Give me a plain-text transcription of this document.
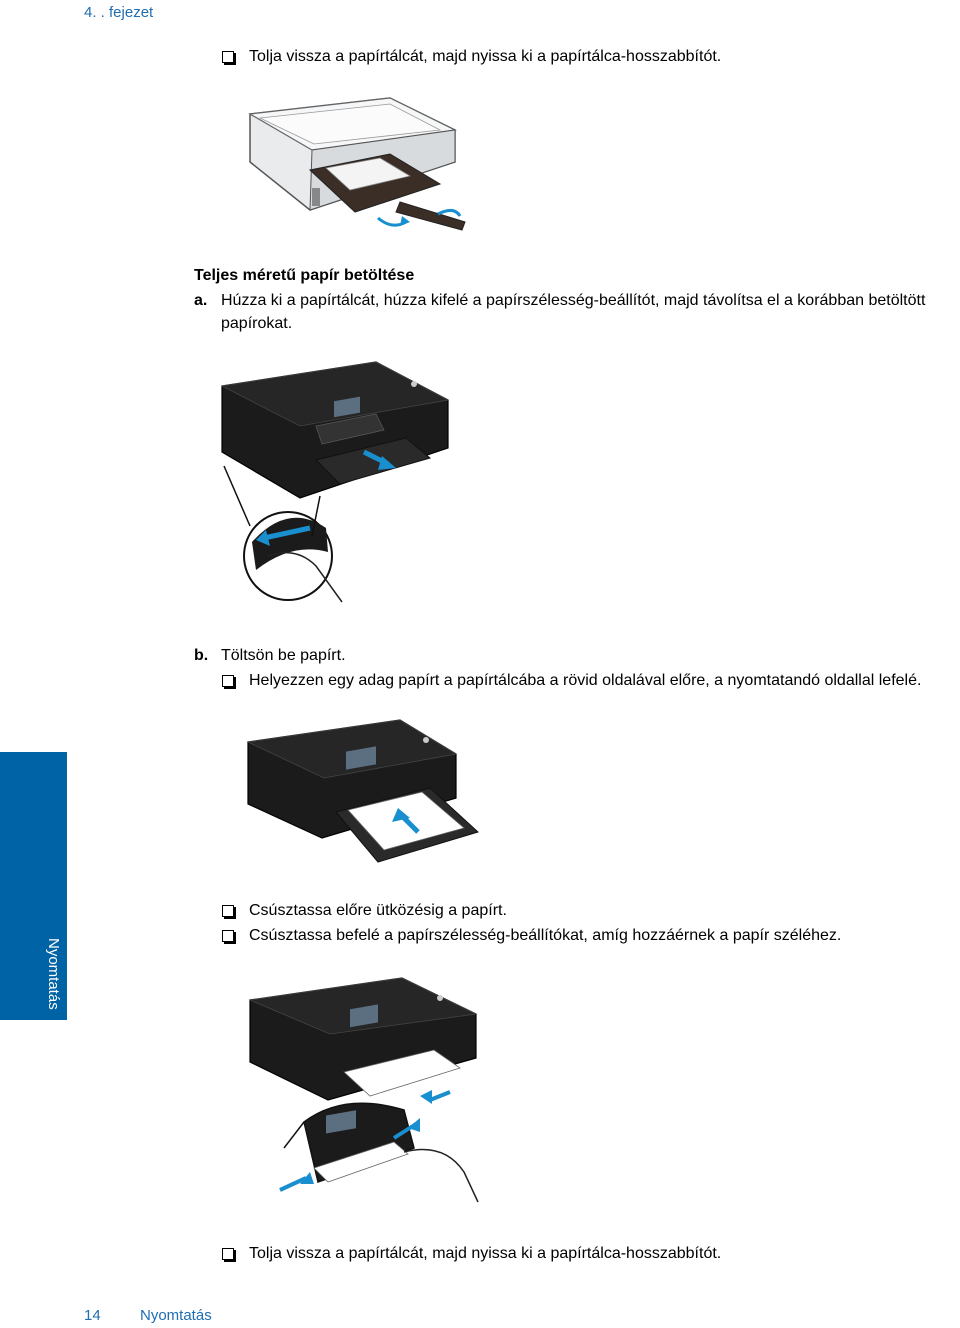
4. . fejezet
Tolja vissza a papírtálcát, majd nyissa ki a papírtálca-hosszabbítót.
Teljes méretű papír betöltése
a. Húzza ki a papírtálcát, húzza kifelé a papírszélesség-beállítót, majd távolítsa el a korábban betöltött
papírokat.
b. Töltsön be papírt.
Helyezzen egy adag papírt a papírtálcába a rövid oldalával előre, a nyomtatandó oldallal lefelé.
Nyomtatás
Csúsztassa előre ütközésig a papírt.
Csúsztassa befelé a papírszélesség-beállítókat, amíg hozzáérnek a papír széléhez.
Tolja vissza a papírtálcát, majd nyissa ki a papírtálca-hosszabbítót.
14	Nyomtatás
